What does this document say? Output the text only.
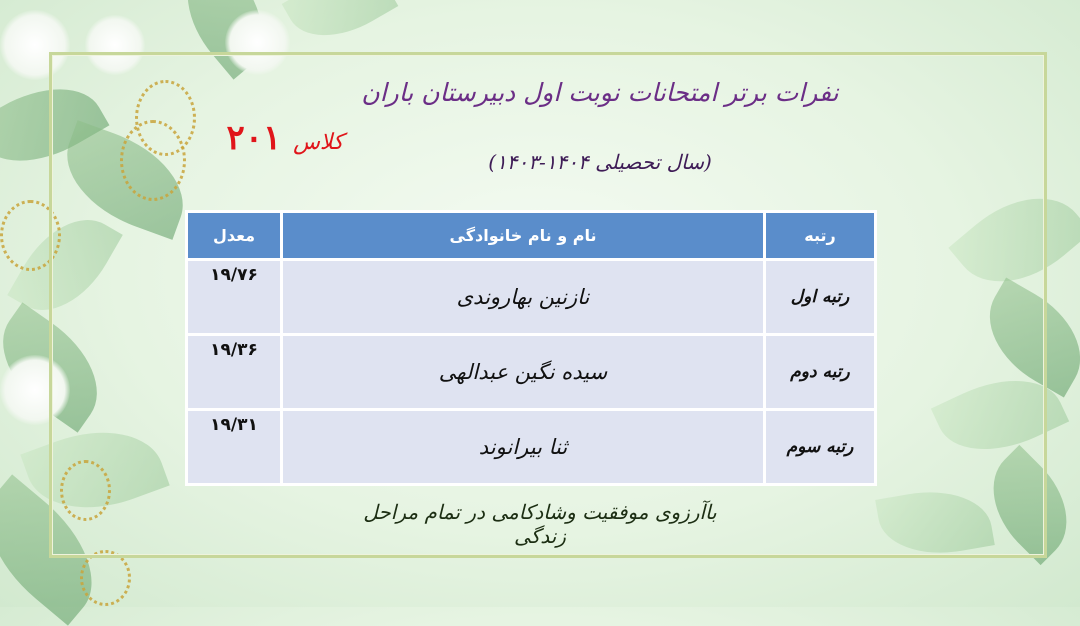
نفرات برتر امتحانات نوبت اول دبیرستان باران
(سال تحصیلی ۱۴۰۴-۱۴۰۳)
کلاس ۲۰۱
رتبه	نام و نام خانوادگی	معدل
رتبه اول	نازنین بهاروندی	۱۹/۷۶
رتبه دوم	سیده نگین عبدالهی	۱۹/۳۶
رتبه سوم	ثنا بیرانوند	۱۹/۳۱
باآرزوی موفقیت وشادکامی در تمام مراحل زندگی
